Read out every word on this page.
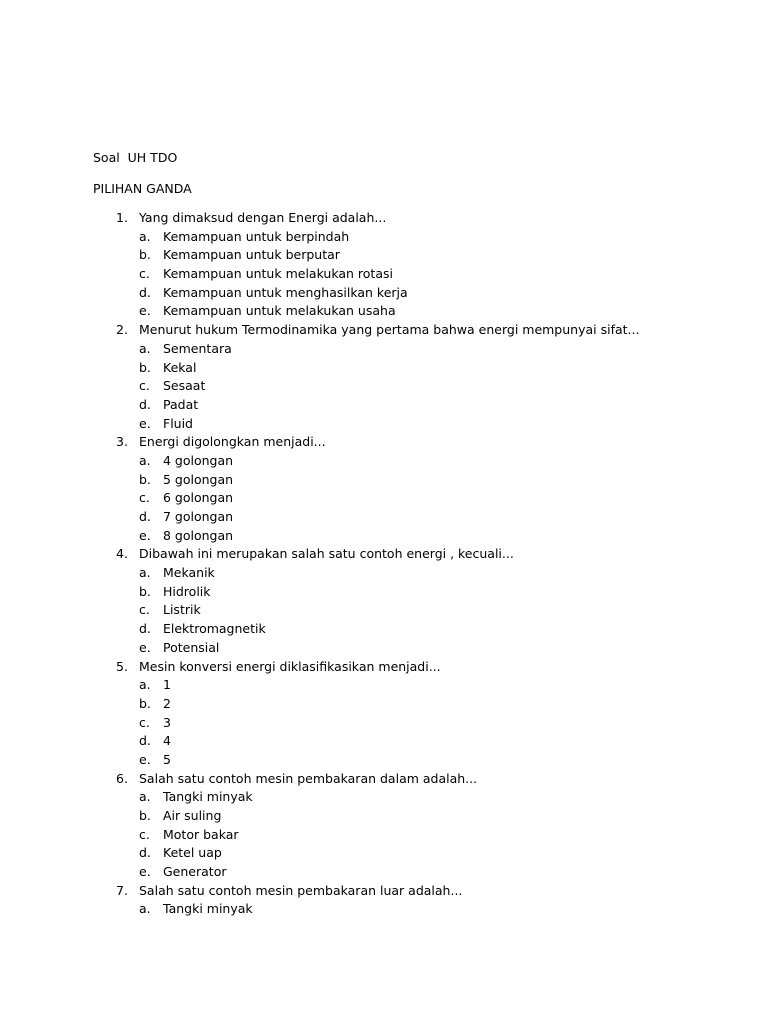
Soal  UH TDO
PILIHAN GANDA
1. Yang dimaksud dengan Energi adalah...
a. Kemampuan untuk berpindah
b. Kemampuan untuk berputar
c. Kemampuan untuk melakukan rotasi
d. Kemampuan untuk menghasilkan kerja
e. Kemampuan untuk melakukan usaha
2. Menurut hukum Termodinamika yang pertama bahwa energi mempunyai sifat...
a. Sementara
b. Kekal
c. Sesaat
d. Padat
e. Fluid
3. Energi digolongkan menjadi...
a. 4 golongan
b. 5 golongan
c. 6 golongan
d. 7 golongan
e. 8 golongan
4. Dibawah ini merupakan salah satu contoh energi , kecuali...
a. Mekanik
b. Hidrolik
c. Listrik
d. Elektromagnetik
e. Potensial
5. Mesin konversi energi diklasifikasikan menjadi...
a. 1
b. 2
c. 3
d. 4
e. 5
6. Salah satu contoh mesin pembakaran dalam adalah...
a. Tangki minyak
b. Air suling
c. Motor bakar
d. Ketel uap
e. Generator
7. Salah satu contoh mesin pembakaran luar adalah...
a. Tangki minyak
